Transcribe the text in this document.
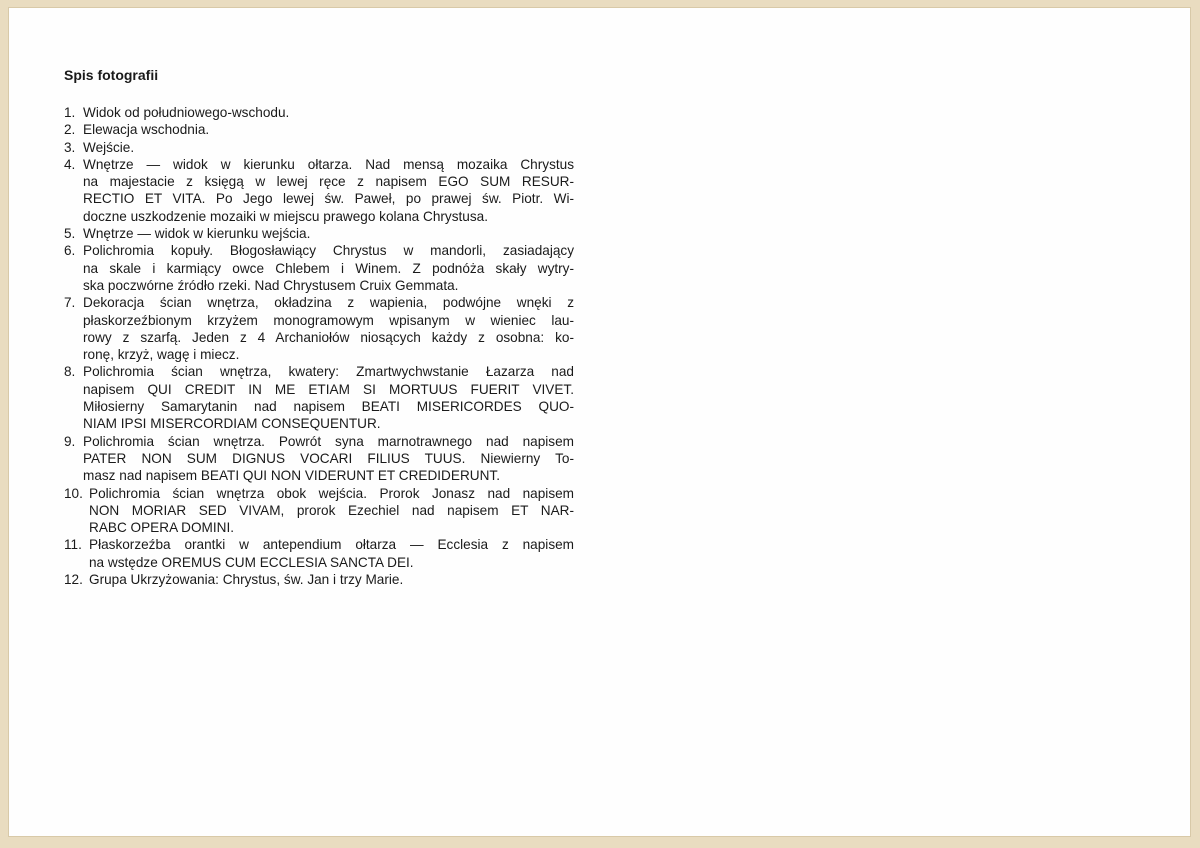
Spis fotografii
1. Widok od południowego-wschodu.
2. Elewacja wschodnia.
3. Wejście.
4. Wnętrze — widok w kierunku ołtarza. Nad mensą mozaika Chrystus
na majestacie z księgą w lewej ręce z napisem EGO SUM RESUR-
RECTIO ET VITA. Po Jego lewej św. Paweł, po prawej św. Piotr. Wi-
doczne uszkodzenie mozaiki w miejscu prawego kolana Chrystusa.
5. Wnętrze — widok w kierunku wejścia.
6. Polichromia kopuły. Błogosławiący Chrystus w mandorli, zasiadający
na skale i karmiący owce Chlebem i Winem. Z podnóża skały wytry-
ska poczwórne źródło rzeki. Nad Chrystusem Cruix Gemmata.
7. Dekoracja ścian wnętrza, okładzina z wapienia, podwójne wnęki z
płaskorzeźbionym krzyżem monogramowym wpisanym w wieniec lau-
rowy z szarfą. Jeden z 4 Archaniołów niosących każdy z osobna: ko-
ronę, krzyż, wagę i miecz.
8. Polichromia ścian wnętrza, kwatery: Zmartwychwstanie Łazarza nad
napisem QUI CREDIT IN ME ETIAM SI MORTUUS FUERIT VIVET.
Miłosierny Samarytanin nad napisem BEATI MISERICORDES QUO-
NIAM IPSI MISERCORDIAM CONSEQUENTUR.
9. Polichromia ścian wnętrza. Powrót syna marnotrawnego nad napisem
PATER NON SUM DIGNUS VOCARI FILIUS TUUS. Niewierny To-
masz nad napisem BEATI QUI NON VIDERUNT ET CREDIDERUNT.
10. Polichromia ścian wnętrza obok wejścia. Prorok Jonasz nad napisem
NON MORIAR SED VIVAM, prorok Ezechiel nad napisem ET NAR-
RABC OPERA DOMINI.
11. Płaskorzeźba orantki w antependium ołtarza — Ecclesia z napisem
na wstędze OREMUS CUM ECCLESIA SANCTA DEI.
12. Grupa Ukrzyżowania: Chrystus, św. Jan i trzy Marie.
